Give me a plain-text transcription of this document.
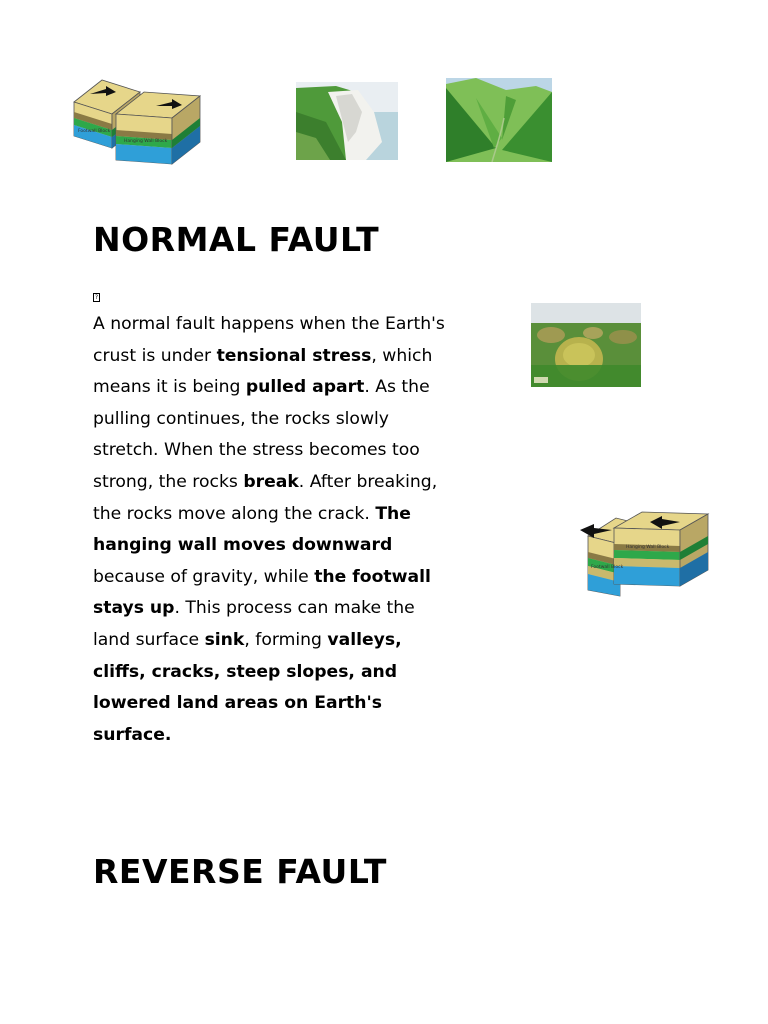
Footwall Block
Hanging Wall Block
NORMAL FAULT
?

A normal fault happens when the Earth's crust is under tensional stress, which means it is being pulled apart. As the pulling continues, the rocks slowly stretch. When the stress becomes too strong, the rocks break. After breaking, the rocks move along the crack. The hanging wall moves downward because of gravity, while the footwall stays up. This process can make the land surface sink, forming valleys, cliffs, cracks, steep slopes, and lowered land areas on Earth's surface.

Footwall Block
Hanging Wall Block
REVERSE FAULT
